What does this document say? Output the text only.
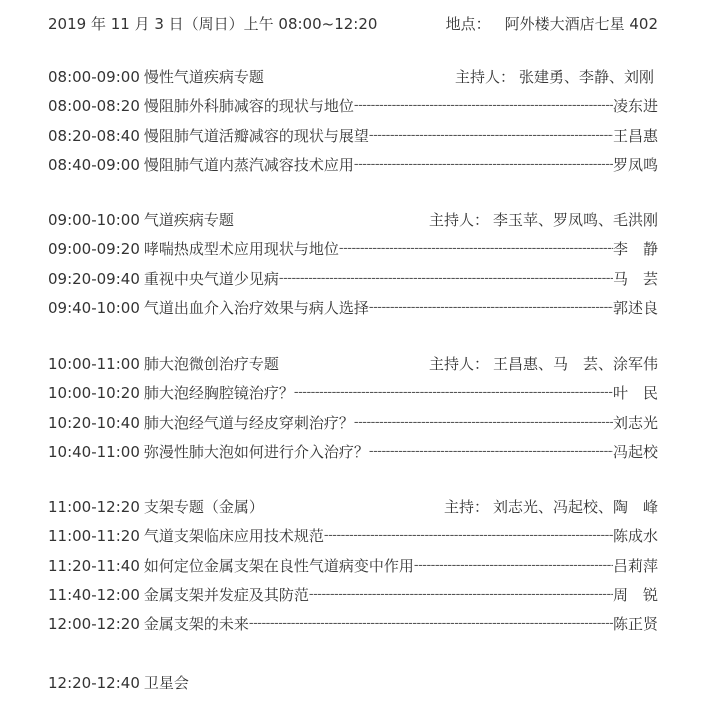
2019 年 11 月 3 日（周日）上午 08:00~12:20	地点： 阿外楼大酒店七星 402
08:00-09:00 慢性气道疾病专题	主持人： 张建勇、李静、刘刚
08:00-08:20 慢阻肺外科肺减容的现状与地位 -----	凌东进
08:20-08:40 慢阻肺气道活瓣减容的现状与展望 -----	王昌惠
08:40-09:00 慢阻肺气道内蒸汽减容技术应用 -----	罗凤鸣
09:00-10:00 气道疾病专题	主持人： 李玉苹、罗凤鸣、毛洪刚
09:00-09:20 哮喘热成型术应用现状与地位 -----	李　静
09:20-09:40 重视中央气道少见病 -----	马　芸
09:40-10:00 气道出血介入治疗效果与病人选择 -----	郭述良
10:00-11:00 肺大泡微创治疗专题	主持人： 王昌惠、马　芸、涂军伟
10:00-10:20 肺大泡经胸腔镜治疗？ -----	叶　民
10:20-10:40 肺大泡经气道与经皮穿刺治疗？ -----	刘志光
10:40-11:00 弥漫性肺大泡如何进行介入治疗？ -----	冯起校
11:00-12:20 支架专题（金属）	主持： 刘志光、冯起校、陶　峰
11:00-11:20 气道支架临床应用技术规范 -----	陈成水
11:20-11:40 如何定位金属支架在良性气道病变中作用 -----	吕莉萍
11:40-12:00 金属支架并发症及其防范 -----	周　锐
12:00-12:20 金属支架的未来 -----	陈正贤
12:20-12:40 卫星会
